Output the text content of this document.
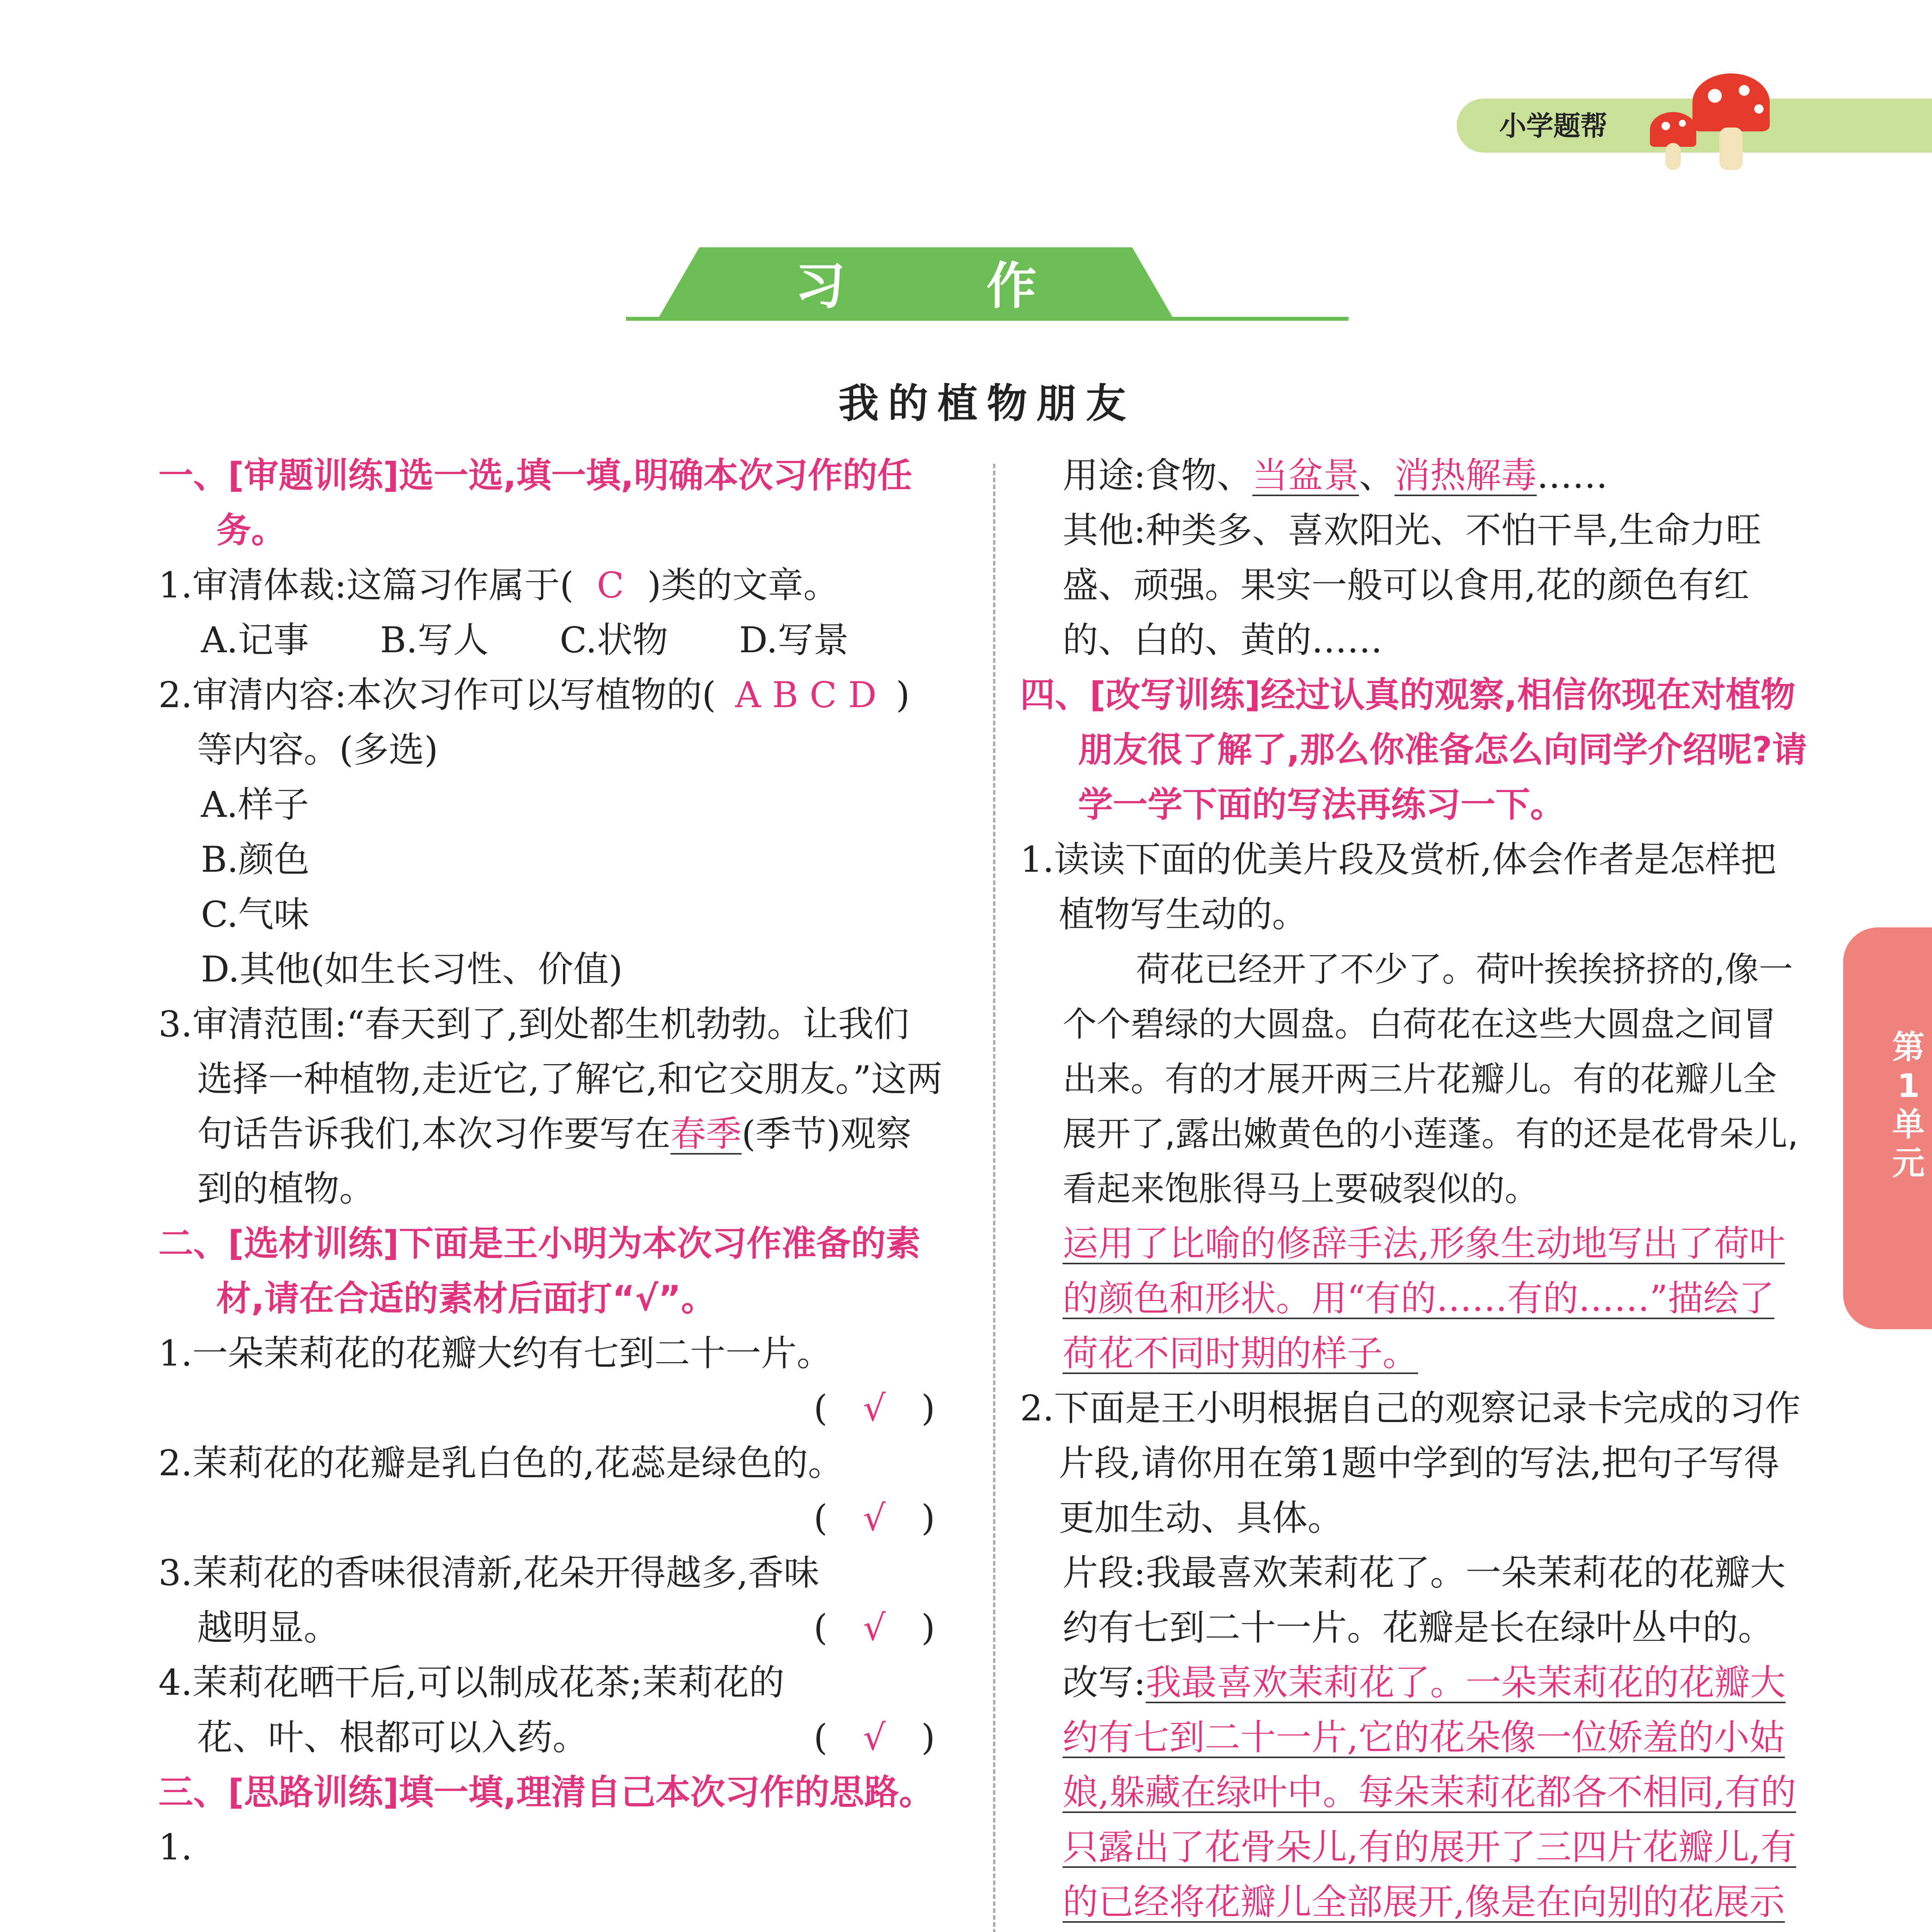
小学题帮
习 作
我的植物朋友
一、[审题训练]选一选,填一填,明确本次习作的任务。
1.审清体裁:这篇习作属于( C )类的文章。
A.记事　　B.写人　　C.状物　　D.写景
2.审清内容:本次习作可以写植物的( A B C D )等内容。(多选)
A.样子
B.颜色
C.气味
D.其他(如生长习性、价值)
3.审清范围:“春天到了,到处都生机勃勃。让我们选择一种植物,走近它,了解它,和它交朋友。”这两句话告诉我们,本次习作要写在春季(季节)观察到的植物。
二、[选材训练]下面是王小明为本次习作准备的素材,请在合适的素材后面打“√”。
1.一朵茉莉花的花瓣大约有七到二十一片。
(　√　)
2.茉莉花的花瓣是乳白色的,花蕊是绿色的。
(　√　)
3.茉莉花的香味很清新,花朵开得越多,香味越明显。	(　√　)
4.茉莉花晒干后,可以制成花茶;茉莉花的花、叶、根都可以入药。	(　√　)
三、[思路训练]填一填,理清自己本次习作的思路。
1.

用途:食物、当盆景、消热解毒……
其他:种类多、喜欢阳光、不怕干旱,生命力旺盛、顽强。果实一般可以食用,花的颜色有红的、白的、黄的……
四、[改写训练]经过认真的观察,相信你现在对植物朋友很了解了,那么你准备怎么向同学介绍呢?请学一学下面的写法再练习一下。
1.读读下面的优美片段及赏析,体会作者是怎样把植物写生动的。
荷花已经开了不少了。荷叶挨挨挤挤的,像一个个碧绿的大圆盘。白荷花在这些大圆盘之间冒出来。有的才展开两三片花瓣儿。有的花瓣儿全展开了,露出嫩黄色的小莲蓬。有的还是花骨朵儿,看起来饱胀得马上要破裂似的。
运用了比喻的修辞手法,形象生动地写出了荷叶的颜色和形状。用“有的……有的……”描绘了荷花不同时期的样子。
2.下面是王小明根据自己的观察记录卡完成的习作片段,请你用在第1题中学到的写法,把句子写得更加生动、具体。
片段:我最喜欢茉莉花了。一朵茉莉花的花瓣大约有七到二十一片。花瓣是长在绿叶丛中的。
改写:我最喜欢茉莉花了。一朵茉莉花的花瓣大约有七到二十一片,它的花朵像一位娇羞的小姑娘,躲藏在绿叶中。每朵茉莉花都各不相同,有的只露出了花骨朵儿,有的展开了三四片花瓣儿,有的已经将花瓣儿全部展开,像是在向别的花展示
第
1
单
元
